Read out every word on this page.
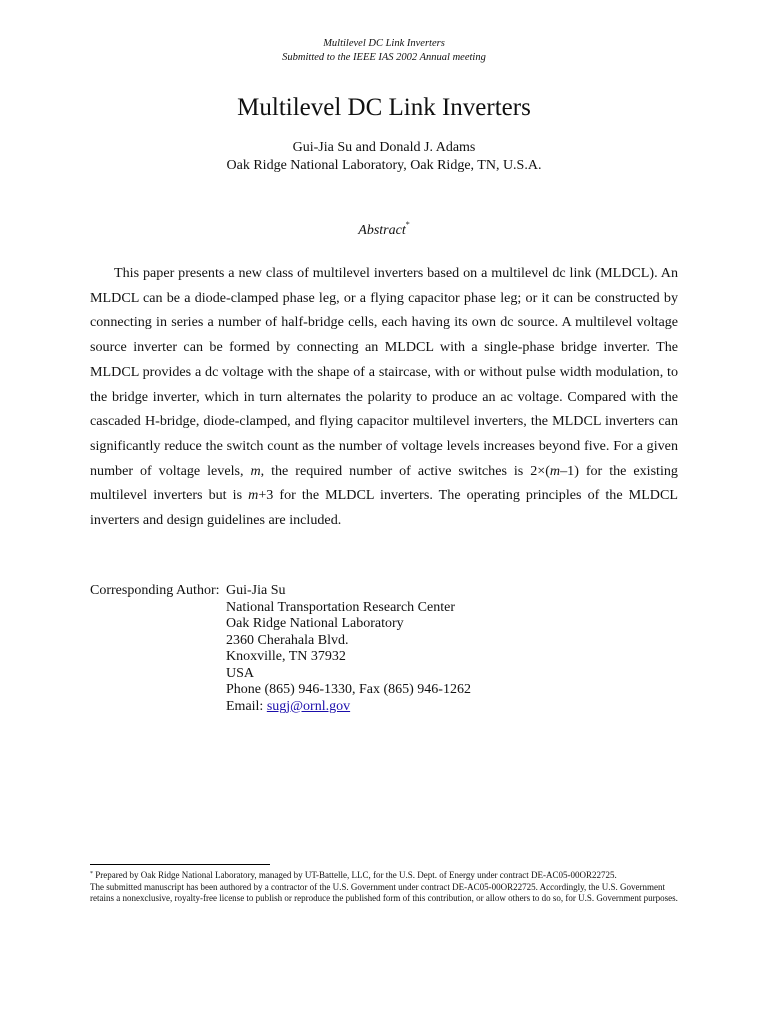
Multilevel DC Link Inverters
Submitted to the IEEE IAS 2002 Annual meeting
Multilevel DC Link Inverters
Gui-Jia Su and Donald J. Adams
Oak Ridge National Laboratory, Oak Ridge, TN, U.S.A.
Abstract*

This paper presents a new class of multilevel inverters based on a multilevel dc link (MLDCL). An MLDCL can be a diode-clamped phase leg, or a flying capacitor phase leg; or it can be constructed by connecting in series a number of half-bridge cells, each having its own dc source. A multilevel voltage source inverter can be formed by connecting an MLDCL with a single-phase bridge inverter. The MLDCL provides a dc voltage with the shape of a staircase, with or without pulse width modulation, to the bridge inverter, which in turn alternates the polarity to produce an ac voltage. Compared with the cascaded H-bridge, diode-clamped, and flying capacitor multilevel inverters, the MLDCL inverters can significantly reduce the switch count as the number of voltage levels increases beyond five. For a given number of voltage levels, m, the required number of active switches is 2×(m–1) for the existing multilevel inverters but is m+3 for the MLDCL inverters. The operating principles of the MLDCL inverters and design guidelines are included.

Corresponding Author: Gui-Jia Su
National Transportation Research Center
Oak Ridge National Laboratory
2360 Cherahala Blvd.
Knoxville, TN 37932
USA
Phone (865) 946-1330, Fax (865) 946-1262
Email: sugj@ornl.gov
* Prepared by Oak Ridge National Laboratory, managed by UT-Battelle, LLC, for the U.S. Dept. of Energy under contract DE-AC05-00OR22725.
The submitted manuscript has been authored by a contractor of the U.S. Government under contract DE-AC05-00OR22725. Accordingly, the U.S. Government retains a nonexclusive, royalty-free license to publish or reproduce the published form of this contribution, or allow others to do so, for U.S. Government purposes.
